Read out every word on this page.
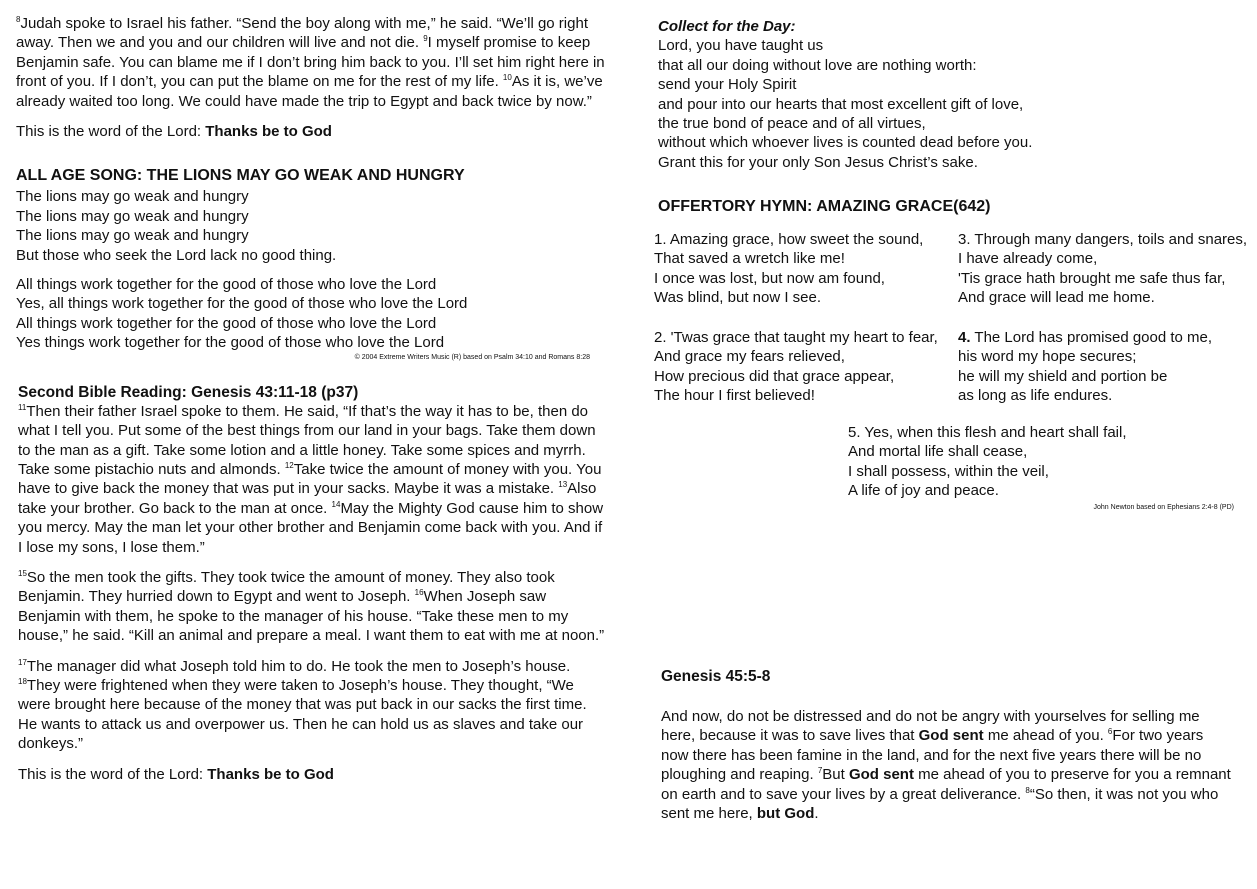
$^8$Judah spoke to Israel his father. “Send the boy along with me,” he said. “We’ll go right away. Then we and you and our children will live and not die. $^9$I myself promise to keep Benjamin safe. You can blame me if I don’t bring him back to you. I’ll set him right here in front of you. If I don’t, you can put the blame on me for the rest of my life. $^{10}$As it is, we’ve already waited too long. We could have made the trip to Egypt and back twice by now.”

This is the word of the Lord: Thanks be to God

ALL AGE SONG: THE LIONS MAY GO WEAK AND HUNGRY

The lions may go weak and hungry
The lions may go weak and hungry
The lions may go weak and hungry
But those who seek the Lord lack no good thing.
All things work together for the good of those who love the Lord
Yes, all things work together for the good of those who love the Lord
All things work together for the good of those who love the Lord
Yes things work together for the good of those who love the Lord

© 2004 Extreme Writers Music (R) based on Psalm 34:10 and Romans 8:28

Second Bible Reading: Genesis 43:11-18 (p37)

$^{11}$Then their father Israel spoke to them. He said, “If that’s the way it has to be, then do what I tell you. Put some of the best things from our land in your bags. Take them down to the man as a gift. Take some lotion and a little honey. Take some spices and myrrh. Take some pistachio nuts and almonds. $^{12}$Take twice the amount of money with you. You have to give back the money that was put in your sacks. Maybe it was a mistake. $^{13}$Also take your brother. Go back to the man at once. $^{14}$May the Mighty God cause him to show you mercy. May the man let your other brother and Benjamin come back with you. And if I lose my sons, I lose them.”

$^{15}$So the men took the gifts. They took twice the amount of money. They also took Benjamin. They hurried down to Egypt and went to Joseph. $^{16}$When Joseph saw Benjamin with them, he spoke to the manager of his house. “Take these men to my house,” he said. “Kill an animal and prepare a meal. I want them to eat with me at noon.”

$^{17}$The manager did what Joseph told him to do. He took the men to Joseph’s house. $^{18}$They were frightened when they were taken to Joseph’s house. They thought, “We were brought here because of the money that was put back in our sacks the first time. He wants to attack us and overpower us. Then he can hold us as slaves and take our donkeys.”

This is the word of the Lord: Thanks be to God

Collect for the Day:

Lord, you have taught us
that all our doing without love are nothing worth:
send your Holy Spirit
and pour into our hearts that most excellent gift of love,
the true bond of peace and of all virtues,
without which whoever lives is counted dead before you.
Grant this for your only Son Jesus Christ’s sake.

OFFERTORY HYMN: AMAZING GRACE(642)

1. Amazing grace, how sweet the sound,
That saved a wretch like me!
I once was lost, but now am found,
Was blind, but now I see.
3. Through many dangers, toils and snares,
I have already come,
'Tis grace hath brought me safe thus far,
And grace will lead me home.
2. 'Twas grace that taught my heart to fear,
And grace my fears relieved,
How precious did that grace appear,
The hour I first believed!
4. The Lord has promised good to me,
his word my hope secures;
he will my shield and portion be
as long as life endures.
5. Yes, when this flesh and heart shall fail,
And mortal life shall cease,
I shall possess, within the veil,
A life of joy and peace.

John Newton based on Ephesians 2:4-8 (PD)

Genesis 45:5-8

And now, do not be distressed and do not be angry with yourselves for selling me here, because it was to save lives that God sent me ahead of you. $^6$For two years now there has been famine in the land, and for the next five years there will be no ploughing and reaping. $^7$But God sent me ahead of you to preserve for you a remnant on earth and to save your lives by a great deliverance. $^8$“So then, it was not you who sent me here, but God.
